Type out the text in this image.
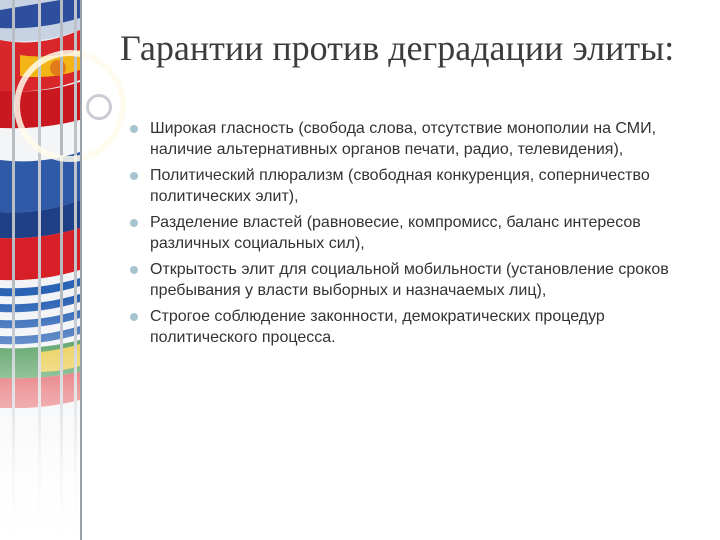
Гарантии против деградации элиты:
Широкая гласность (свобода слова, отсутствие монополии на СМИ, наличие альтернативных органов печати, радио, телевидения),
Политический плюрализм (свободная конкуренция, соперничество политических элит),
Разделение властей (равновесие, компромисс, баланс интересов различных социальных сил),
Открытость элит для социальной мобильности (установление сроков пребывания у власти выборных и назначаемых лиц),
Строгое соблюдение законности, демократических процедур политического процесса.
